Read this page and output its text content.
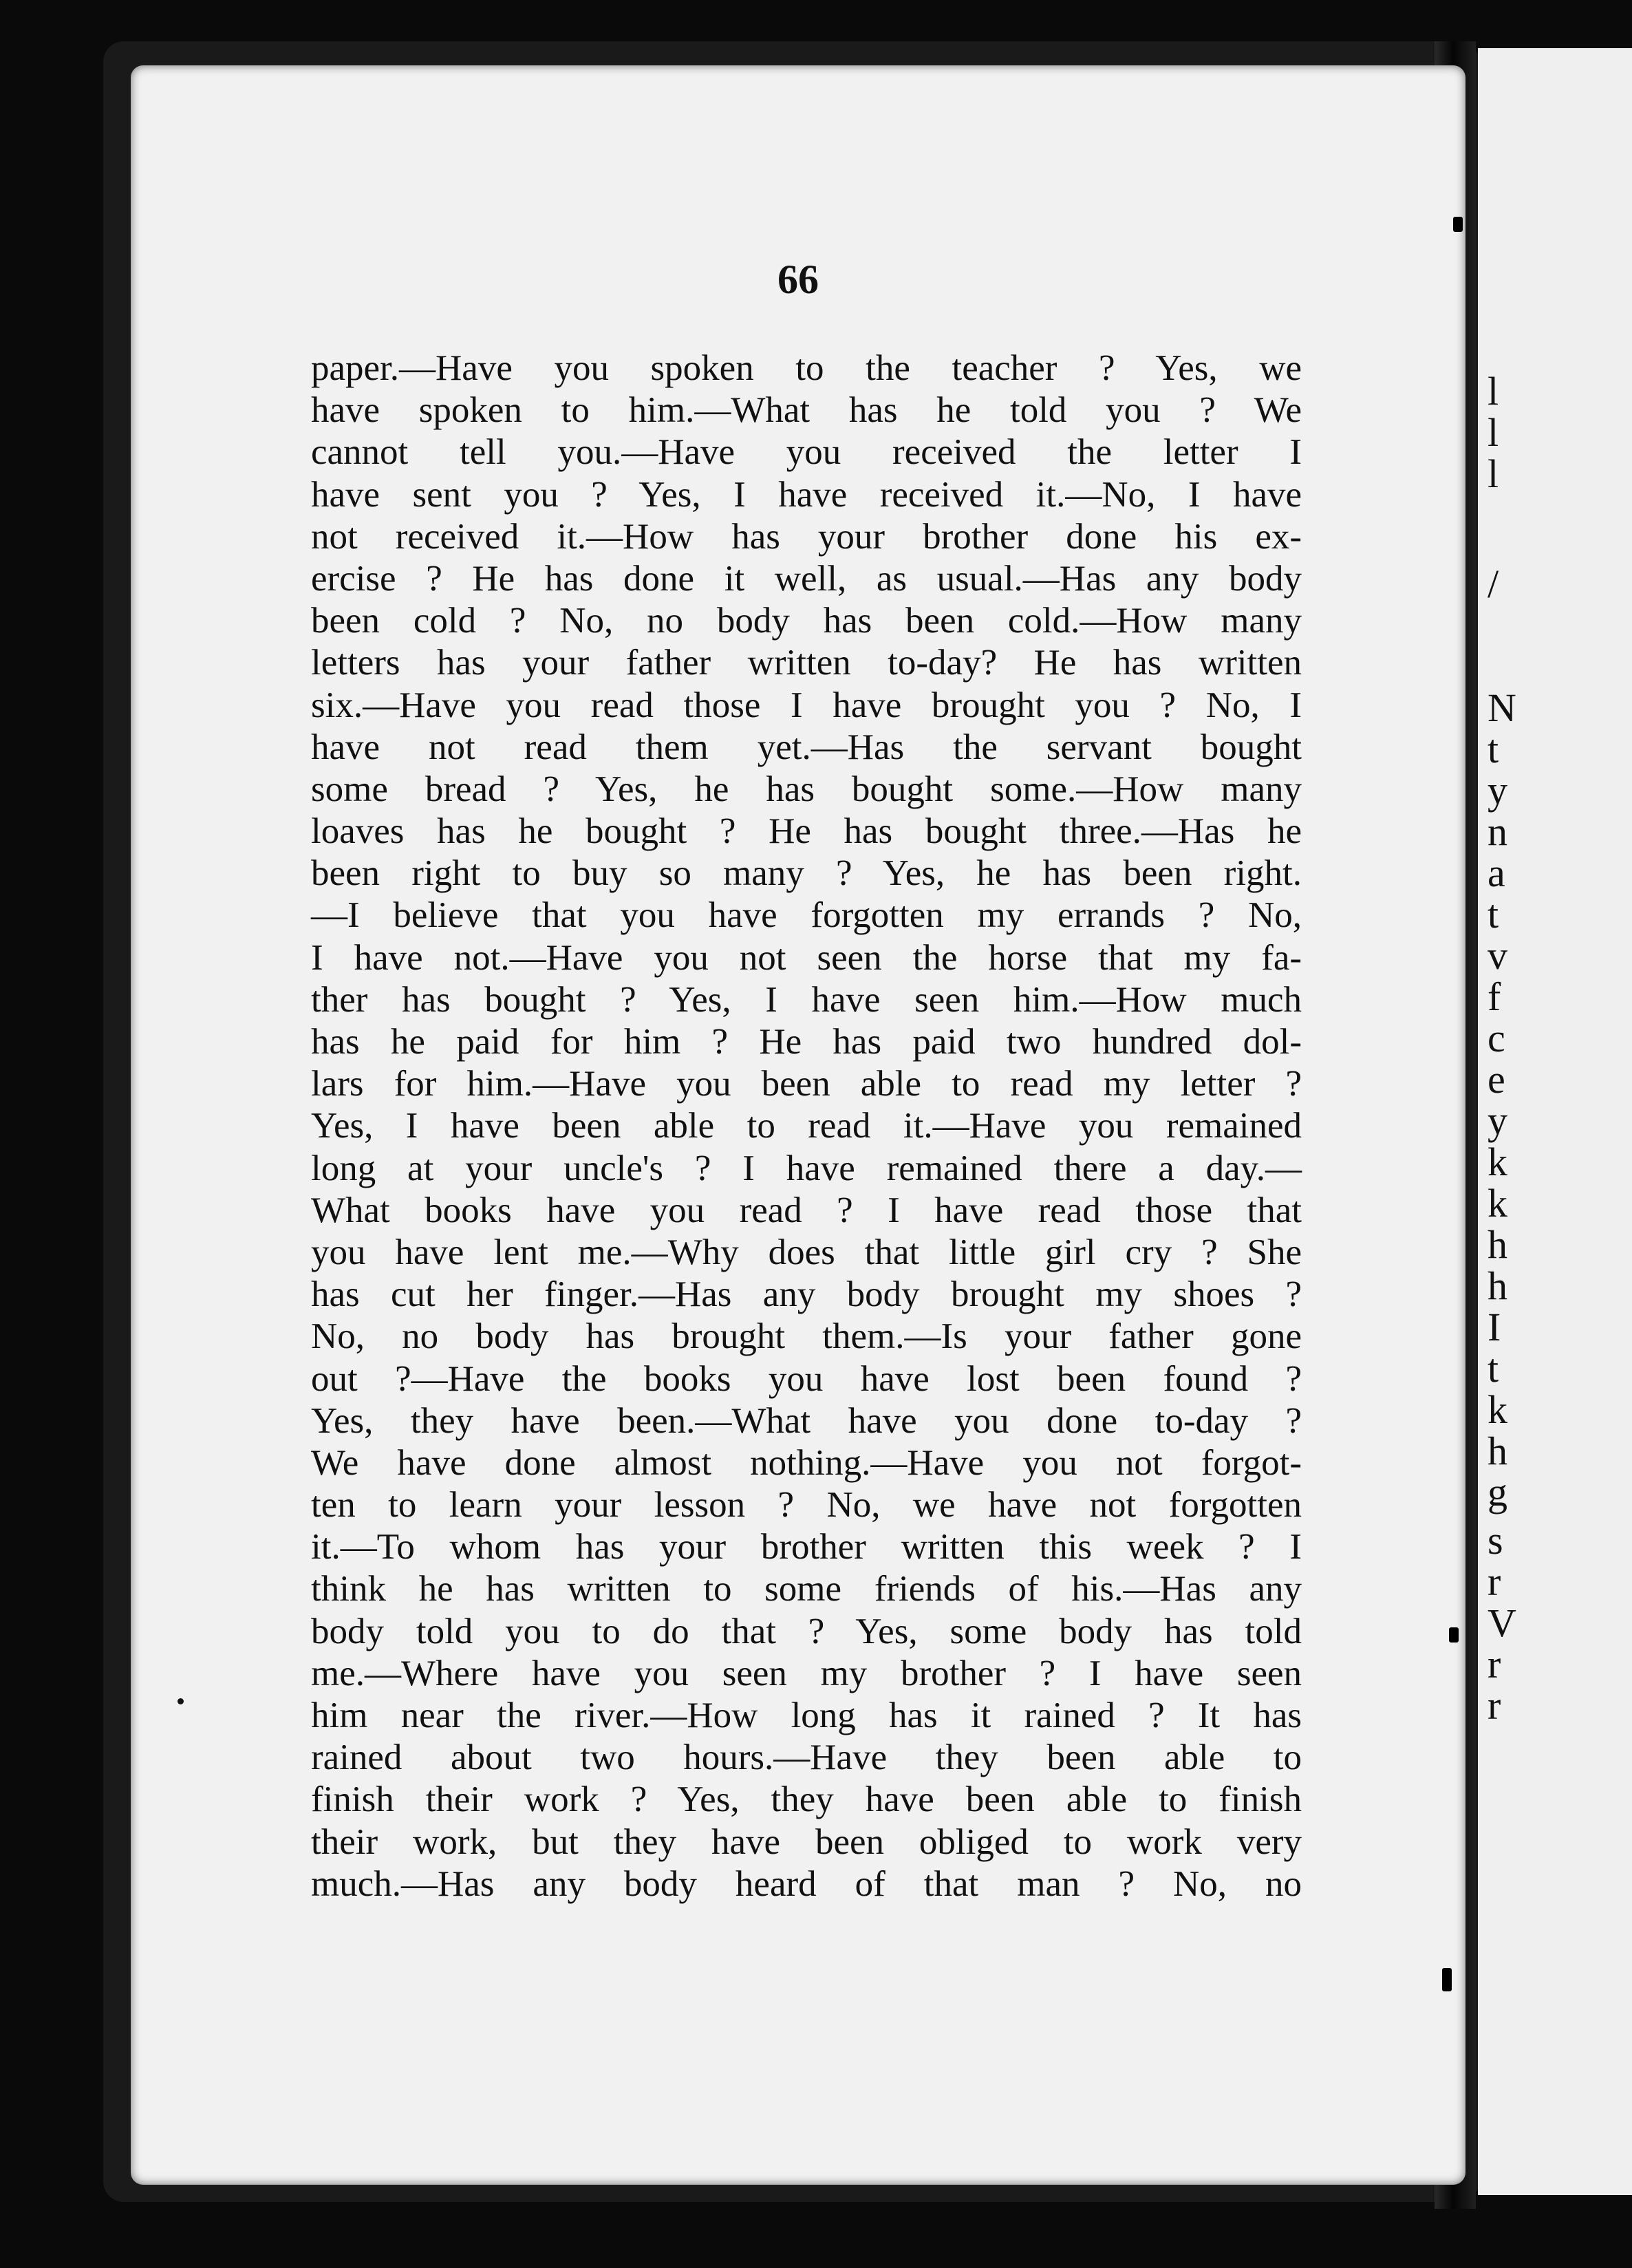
l
l
l
/
N
t
y
n
a
t
v
f
c
e
y
k
k
h
h
I
t
k
h
g
s
r
V
r
r
66
paper.—Have you spoken to the teacher ? Yes, we
have spoken to him.—What has he told you ? We
cannot tell you.—Have you received the letter I
have sent you ? Yes, I have received it.—No, I have
not received it.—How has your brother done his ex-
ercise ? He has done it well, as usual.—Has any body
been cold ? No, no body has been cold.—How many
letters has your father written to-day? He has written
six.—Have you read those I have brought you ? No, I
have not read them yet.—Has the servant bought
some bread ? Yes, he has bought some.—How many
loaves has he bought ? He has bought three.—Has he
been right to buy so many ? Yes, he has been right.
—I believe that you have forgotten my errands ? No,
I have not.—Have you not seen the horse that my fa-
ther has bought ? Yes, I have seen him.—How much
has he paid for him ? He has paid two hundred dol-
lars for him.—Have you been able to read my letter ?
Yes, I have been able to read it.—Have you remained
long at your uncle's ? I have remained there a day.—
What books have you read ? I have read those that
you have lent me.—Why does that little girl cry ? She
has cut her finger.—Has any body brought my shoes ?
No, no body has brought them.—Is your father gone
out ?—Have the books you have lost been found ?
Yes, they have been.—What have you done to-day ?
We have done almost nothing.—Have you not forgot-
ten to learn your lesson ? No, we have not forgotten
it.—To whom has your brother written this week ? I
think he has written to some friends of his.—Has any
body told you to do that ? Yes, some body has told
me.—Where have you seen my brother ? I have seen
him near the river.—How long has it rained ? It has
rained about two hours.—Have they been able to
finish their work ? Yes, they have been able to finish
their work, but they have been obliged to work very
much.—Has any body heard of that man ? No, no
